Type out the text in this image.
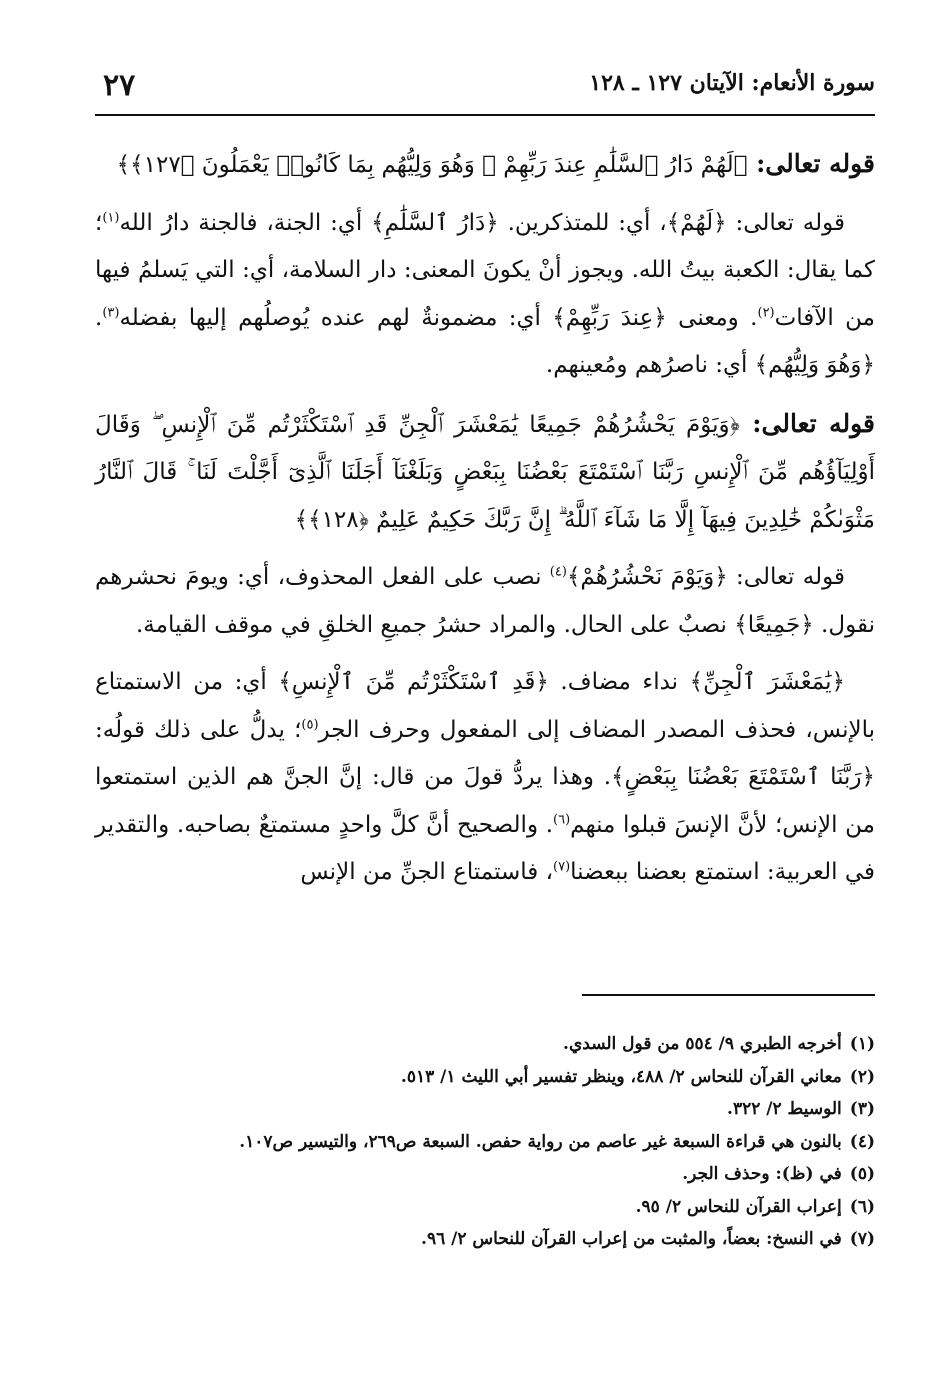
سورة الأنعام: الآيتان ١٢٧ ـ ١٢٨
٢٧

قوله تعالى: ﴿لَهُمْ دَارُ ٱلسَّلَٰمِ عِندَ رَبِّهِمْ ۖ وَهُوَ وَلِيُّهُم بِمَا كَانُوا۟ يَعْمَلُونَ ﴿١٢٧﴾﴾

قوله تعالى: ﴿لَهُمْ﴾، أي: للمتذكرين. ﴿دَارُ ٱلسَّلَٰمِ﴾ أي: الجنة، فالجنة دارُ الله$^{(١)}$؛ كما يقال: الكعبة بيتُ الله. ويجوز أنْ يكونَ المعنى: دار السلامة، أي: التي يَسلمُ فيها من الآفات$^{(٢)}$. ومعنى ﴿عِندَ رَبِّهِمْ﴾ أي: مضمونةٌ لهم عنده يُوصلُهم إليها بفضله$^{(٣)}$. ﴿وَهُوَ وَلِيُّهُم﴾ أي: ناصرُهم ومُعينهم.

قوله تعالى: ﴿وَيَوْمَ يَحْشُرُهُمْ جَمِيعًا يَٰمَعْشَرَ ٱلْجِنِّ قَدِ ٱسْتَكْثَرْتُم مِّنَ ٱلْإِنسِ ۖ وَقَالَ أَوْلِيَآؤُهُم مِّنَ ٱلْإِنسِ رَبَّنَا ٱسْتَمْتَعَ بَعْضُنَا بِبَعْضٍ وَبَلَغْنَآ أَجَلَنَا ٱلَّذِىٓ أَجَّلْتَ لَنَا ۚ قَالَ ٱلنَّارُ مَثْوَىٰكُمْ خَٰلِدِينَ فِيهَآ إِلَّا مَا شَآءَ ٱللَّهُ ۗ إِنَّ رَبَّكَ حَكِيمٌ عَلِيمٌ ﴿١٢٨﴾﴾

قوله تعالى: ﴿وَيَوْمَ نَحْشُرُهُمْ﴾$^{(٤)}$ نصب على الفعل المحذوف، أي: ويومَ نحشرهم نقول. ﴿جَمِيعًا﴾ نصبٌ على الحال. والمراد حشرُ جميعِ الخلقِ في موقف القيامة.

﴿يَٰمَعْشَرَ ٱلْجِنِّ﴾ نداء مضاف. ﴿قَدِ ٱسْتَكْثَرْتُم مِّنَ ٱلْإِنسِ﴾ أي: من الاستمتاع بالإنس، فحذف المصدر المضاف إلى المفعول وحرف الجر$^{(٥)}$؛ يدلُّ على ذلك قولُه: ﴿رَبَّنَا ٱسْتَمْتَعَ بَعْضُنَا بِبَعْضٍ﴾. وهذا يردُّ قولَ من قال: إنَّ الجنَّ هم الذين استمتعوا من الإنس؛ لأنَّ الإنسَ قبلوا منهم$^{(٦)}$. والصحيح أنَّ كلَّ واحدٍ مستمتعٌ بصاحبه. والتقدير في العربية: استمتع بعضنا ببعضنا$^{(٧)}$، فاستمتاع الجنِّ من الإنس

(١)أخرجه الطبري ٩/ ٥٥٤ من قول السدي.

(٢)معاني القرآن للنحاس ٢/ ٤٨٨، وينظر تفسير أبي الليث ١/ ٥١٣.

(٣)الوسيط ٢/ ٣٢٢.

(٤)بالنون هي قراءة السبعة غير عاصم من رواية حفص. السبعة ص٢٦٩، والتيسير ص١٠٧.

(٥)في (ظ): وحذف الجر.

(٦)إعراب القرآن للنحاس ٢/ ٩٥.

(٧)في النسخ: بعضاً، والمثبت من إعراب القرآن للنحاس ٢/ ٩٦.
